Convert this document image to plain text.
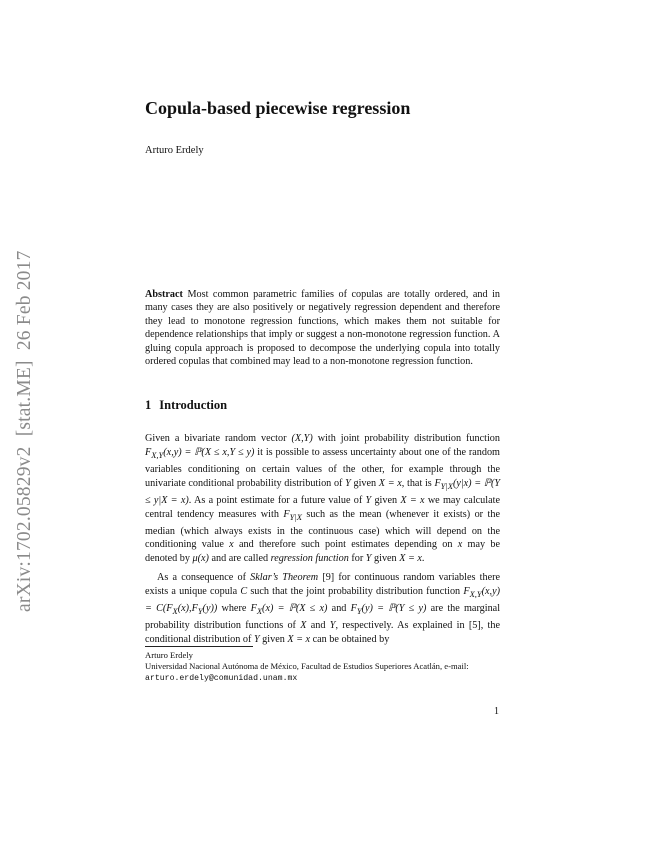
arXiv:1702.05829v2  [stat.ME]  26 Feb 2017
Copula-based piecewise regression
Arturo Erdely
Abstract Most common parametric families of copulas are totally ordered, and in many cases they are also positively or negatively regression dependent and therefore they lead to monotone regression functions, which makes them not suitable for dependence relationships that imply or suggest a non-monotone regression function. A gluing copula approach is proposed to decompose the underlying copula into totally ordered copulas that combined may lead to a non-monotone regression function.
1 Introduction

Given a bivariate random vector (X,Y) with joint probability distribution function $F_{X,Y}(x,y)$ = ℙ(X ≤ x,Y ≤ y) it is possible to assess uncertainty about one of the random variables conditioning on certain values of the other, for example through the univariate conditional probability distribution of Y given X = x, that is $F_{Y|X}(y|x)$ = ℙ(Y ≤ y|X = x). As a point estimate for a future value of Y given X = x we may calculate central tendency measures with $F_{Y|X}$ such as the mean (whenever it exists) or the median (which always exists in the continuous case) which will depend on the conditioning value x and therefore such point estimates depending on x may be denoted by μ(x) and are called regression function for Y given X = x.

As a consequence of Sklar’s Theorem [9] for continuous random variables there exists a unique copula C such that the joint probability distribution function $F_{X,Y}(x,y) = C(F_X(x),F_Y(y))$ where $F_X(x)$ = ℙ(X ≤ x) and $F_Y(y)$ = ℙ(Y ≤ y) are the marginal probability distribution functions of X and Y, respectively. As explained in [5], the conditional distribution of Y given X = x can be obtained by

Arturo Erdely
Universidad Nacional Autónoma de México, Facultad de Estudios Superiores Acatlán, e-mail:
arturo.erdely@comunidad.unam.mx
1
